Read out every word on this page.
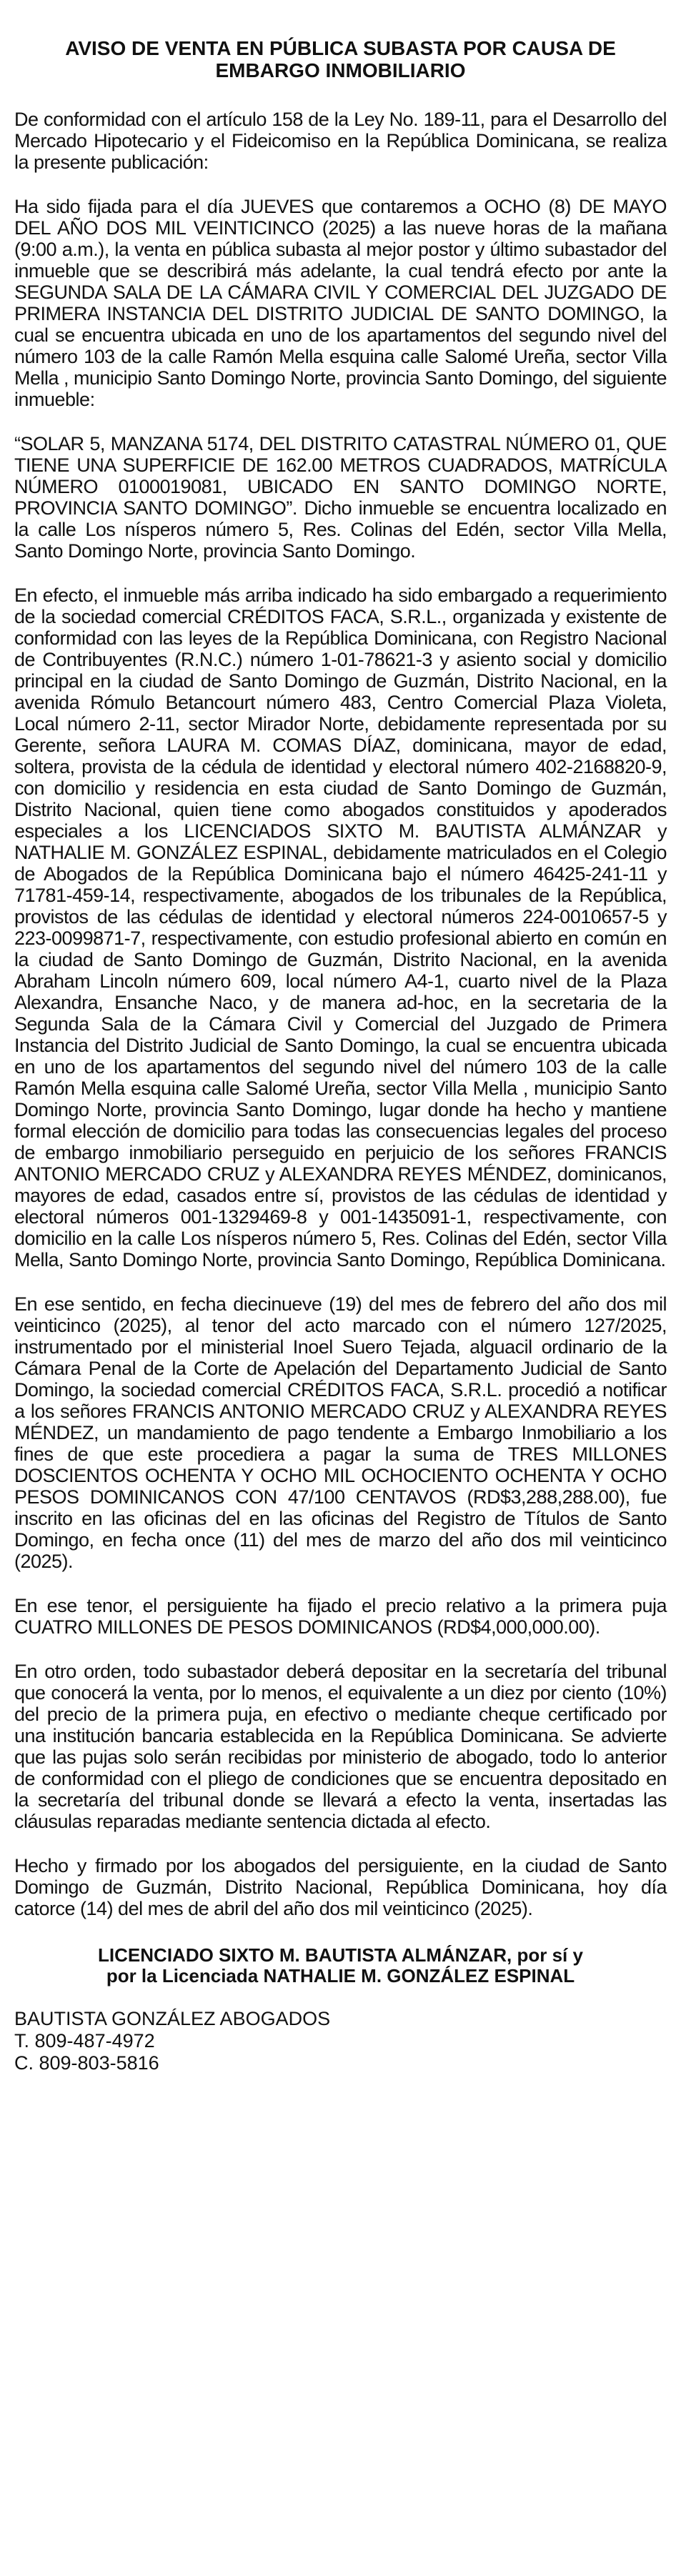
AVISO DE VENTA EN PÚBLICA SUBASTA POR CAUSA DE
EMBARGO INMOBILIARIO
De conformidad con el artículo 158 de la Ley No. 189-11, para el Desarrollo del Mercado Hipotecario y el Fideicomiso en la República Dominicana, se realiza la presente publicación:
Ha sido fijada para el día JUEVES que contaremos a OCHO (8) DE MAYO DEL AÑO DOS MIL VEINTICINCO (2025) a las nueve horas de la mañana (9:00 a.m.), la venta en pública subasta al mejor postor y último subastador del inmueble que se describirá más adelante, la cual tendrá efecto por ante la SEGUNDA SALA DE LA CÁMARA CIVIL Y COMERCIAL DEL JUZGADO DE PRIMERA INSTANCIA DEL DISTRITO JUDICIAL DE SANTO DOMINGO, la cual se encuentra ubicada en uno de los apartamentos del segundo nivel del número 103 de la calle Ramón Mella esquina calle Salomé Ureña, sector Villa Mella , municipio Santo Domingo Norte, provincia Santo Domingo, del siguiente inmueble:
“SOLAR 5, MANZANA 5174, DEL DISTRITO CATASTRAL NÚMERO 01, QUE TIENE UNA SUPERFICIE DE 162.00 METROS CUADRADOS, MATRÍCULA NÚMERO 0100019081, UBICADO EN SANTO DOMINGO NORTE, PROVINCIA SANTO DOMINGO”. Dicho inmueble se encuentra localizado en la calle Los nísperos número 5, Res. Colinas del Edén, sector Villa Mella, Santo Domingo Norte, provincia Santo Domingo.
En efecto, el inmueble más arriba indicado ha sido embargado a requerimiento de la sociedad comercial CRÉDITOS FACA, S.R.L., organizada y existente de conformidad con las leyes de la República Dominicana, con Registro Nacional de Contribuyentes (R.N.C.) número 1-01-78621-3 y asiento social y domicilio principal en la ciudad de Santo Domingo de Guzmán, Distrito Nacional, en la avenida Rómulo Betancourt número 483, Centro Comercial Plaza Violeta, Local número 2-11, sector Mirador Norte, debidamente representada por su Gerente, señora LAURA M. COMAS DÍAZ, dominicana, mayor de edad, soltera, provista de la cédula de identidad y electoral número 402-2168820-9, con domicilio y residencia en esta ciudad de Santo Domingo de Guzmán, Distrito Nacional, quien tiene como abogados constituidos y apoderados especiales a los LICENCIADOS SIXTO M. BAUTISTA ALMÁNZAR y NATHALIE M. GONZÁLEZ ESPINAL, debidamente matriculados en el Colegio de Abogados de la República Dominicana bajo el número 46425-241-11 y 71781-459-14, respectivamente, abogados de los tribunales de la República, provistos de las cédulas de identidad y electoral números 224-0010657-5 y 223-0099871-7, respectivamente, con estudio profesional abierto en común en la ciudad de Santo Domingo de Guzmán, Distrito Nacional, en la avenida Abraham Lincoln número 609, local número A4-1, cuarto nivel de la Plaza Alexandra, Ensanche Naco, y de manera ad-hoc, en la secretaria de la Segunda Sala de la Cámara Civil y Comercial del Juzgado de Primera Instancia del Distrito Judicial de Santo Domingo, la cual se encuentra ubicada en uno de los apartamentos del segundo nivel del número 103 de la calle Ramón Mella esquina calle Salomé Ureña, sector Villa Mella , municipio Santo Domingo Norte, provincia Santo Domingo, lugar donde ha hecho y mantiene formal elección de domicilio para todas las consecuencias legales del proceso de embargo inmobiliario perseguido en perjuicio de los señores FRANCIS ANTONIO MERCADO CRUZ y ALEXANDRA REYES MÉNDEZ, dominicanos, mayores de edad, casados entre sí, provistos de las cédulas de identidad y electoral números 001-1329469-8 y 001-1435091-1, respectivamente, con domicilio en la calle Los nísperos número 5, Res. Colinas del Edén, sector Villa Mella, Santo Domingo Norte, provincia Santo Domingo, República Dominicana.
En ese sentido, en fecha diecinueve (19) del mes de febrero del año dos mil veinticinco (2025), al tenor del acto marcado con el número 127/2025, instrumentado por el ministerial Inoel Suero Tejada, alguacil ordinario de la Cámara Penal de la Corte de Apelación del Departamento Judicial de Santo Domingo, la sociedad comercial CRÉDITOS FACA, S.R.L. procedió a notificar a los señores FRANCIS ANTONIO MERCADO CRUZ y ALEXANDRA REYES MÉNDEZ, un mandamiento de pago tendente a Embargo Inmobiliario a los fines de que este procediera a pagar la suma de TRES MILLONES DOSCIENTOS OCHENTA Y OCHO MIL OCHOCIENTO OCHENTA Y OCHO PESOS DOMINICANOS CON 47/100 CENTAVOS (RD$3,288,288.00), fue inscrito en las oficinas del en las oficinas del Registro de Títulos de Santo Domingo, en fecha once (11) del mes de marzo del año dos mil veinticinco (2025).
En ese tenor, el persiguiente ha fijado el precio relativo a la primera puja CUATRO MILLONES DE PESOS DOMINICANOS (RD$4,000,000.00).
En otro orden, todo subastador deberá depositar en la secretaría del tribunal que conocerá la venta, por lo menos, el equivalente a un diez por ciento (10%) del precio de la primera puja, en efectivo o mediante cheque certificado por una institución bancaria establecida en la República Dominicana. Se advierte que las pujas solo serán recibidas por ministerio de abogado, todo lo anterior de conformidad con el pliego de condiciones que se encuentra depositado en la secretaría del tribunal donde se llevará a efecto la venta, insertadas las cláusulas reparadas mediante sentencia dictada al efecto.
Hecho y firmado por los abogados del persiguiente, en la ciudad de Santo Domingo de Guzmán, Distrito Nacional, República Dominicana, hoy día catorce (14) del mes de abril del año dos mil veinticinco (2025).
LICENCIADO SIXTO M. BAUTISTA ALMÁNZAR, por sí y
por la Licenciada NATHALIE M. GONZÁLEZ ESPINAL
BAUTISTA GONZÁLEZ ABOGADOS
T. 809-487-4972
C. 809-803-5816
